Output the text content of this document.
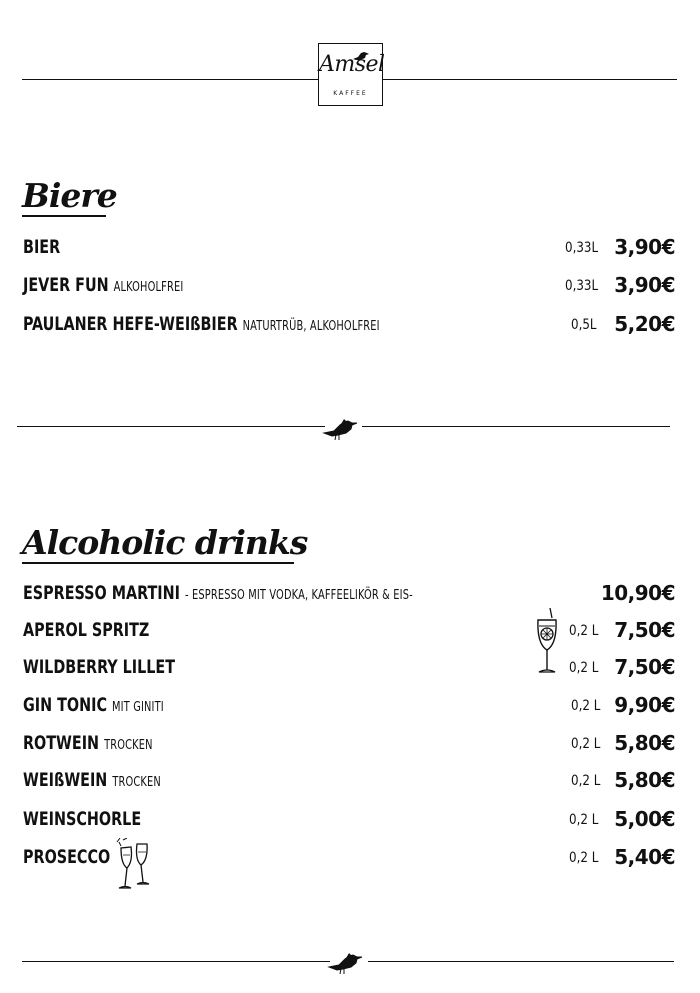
Amsel
KAFFEE
Biere
BIER	0,33L 3,90€
JEVER FUN ALKOHOLFREI	0,33L 3,90€
PAULANER HEFE-WEIßBIER NATURTRÜB, ALKOHOLFREI	0,5L 5,20€
Alcoholic drinks
ESPRESSO MARTINI - ESPRESSO MIT VODKA, KAFFEELIKÖR & EIS-	10,90€
APEROL SPRITZ	0,2 L 7,50€
WILDBERRY LILLET	0,2 L 7,50€
GIN TONIC MIT GINITI	0,2 L 9,90€
ROTWEIN TROCKEN	0,2 L 5,80€
WEIßWEIN TROCKEN	0,2 L 5,80€
WEINSCHORLE	0,2 L 5,00€
PROSECCO	0,2 L 5,40€
